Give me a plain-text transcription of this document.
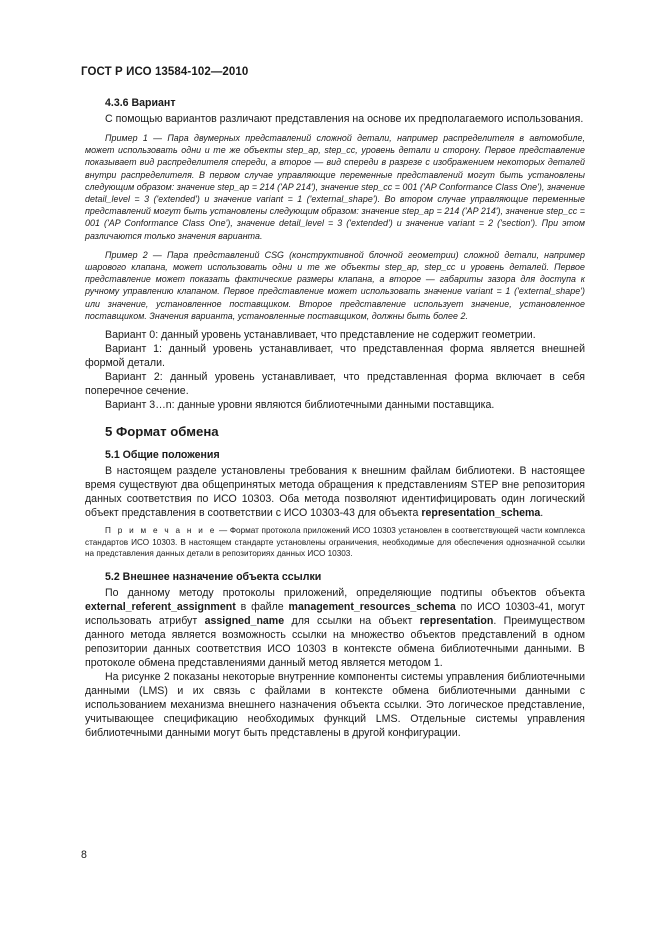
ГОСТ Р ИСО 13584-102—2010
4.3.6 Вариант

С помощью вариантов различают представления на основе их предполагаемого использования.

Пример 1 — Пара двумерных представлений сложной детали, например распределителя в автомобиле, может использовать одни и те же объекты step_ap, step_cc, уровень детали и сторону. Первое представление показывает вид распределителя спереди, а второе — вид спереди в разрезе с изображением некоторых деталей внутри распределителя. В первом случае управляющие переменные представлений могут быть установлены следующим образом: значение step_ap = 214 ('AP 214'), значение step_cc = 001 ('AP Conformance Class One'), значение detail_level = 3 ('extended') и значение variant = 1 ('external_shape'). Во втором случае управляющие переменные представлений могут быть установлены следующим образом: значение step_ap = 214 ('AP 214'), значение step_cc = 001 ('AP Conformance Class One'), значение detail_level = 3 ('extended') и значение variant = 2 ('section'). При этом различаются только значения варианта.

Пример 2 — Пара представлений CSG (конструктивной блочной геометрии) сложной детали, например шарового клапана, может использовать одни и те же объекты step_ap, step_cc и уровень деталей. Первое представление может показать фактические размеры клапана, а второе — габариты зазора для доступа к ручному управлению клапаном. Первое представление может использовать значение variant = 1 ('external_shape') или значение, установленное поставщиком. Второе представление использует значение, установленное поставщиком. Значения варианта, установленные поставщиком, должны быть более 2.

Вариант 0: данный уровень устанавливает, что представление не содержит геометрии.

Вариант 1: данный уровень устанавливает, что представленная форма является внешней формой детали.

Вариант 2: данный уровень устанавливает, что представленная форма включает в себя поперечное сечение.

Вариант 3…n: данные уровни являются библиотечными данными поставщика.

5 Формат обмена
5.1 Общие положения

В настоящем разделе установлены требования к внешним файлам библиотеки. В настоящее время существуют два общепринятых метода обращения к представлениям STEP вне репозитория данных соответствия по ИСО 10303. Оба метода позволяют идентифицировать один логический объект представления в соответствии с ИСО 10303-43 для объекта representation_schema.

П р и м е ч а н и е — Формат протокола приложений ИСО 10303 установлен в соответствующей части комплекса стандартов ИСО 10303. В настоящем стандарте установлены ограничения, необходимые для обеспечения однозначной ссылки на представления данных детали в репозиториях данных ИСО 10303.

5.2 Внешнее назначение объекта ссылки

По данному методу протоколы приложений, определяющие подтипы объектов объекта external_referent_assignment в файле management_resources_schema по ИСО 10303-41, могут использовать атрибут assigned_name для ссылки на объект representation. Преимуществом данного метода является возможность ссылки на множество объектов представлений в одном репозитории данных соответствия ИСО 10303 в контексте обмена библиотечными данными. В протоколе обмена представлениями данный метод является методом 1.

На рисунке 2 показаны некоторые внутренние компоненты системы управления библиотечными данными (LMS) и их связь с файлами в контексте обмена библиотечными данными с использованием механизма внешнего назначения объекта ссылки. Это логическое представление, учитывающее спецификацию необходимых функций LMS. Отдельные системы управления библиотечными данными могут быть представлены в другой конфигурации.

8
